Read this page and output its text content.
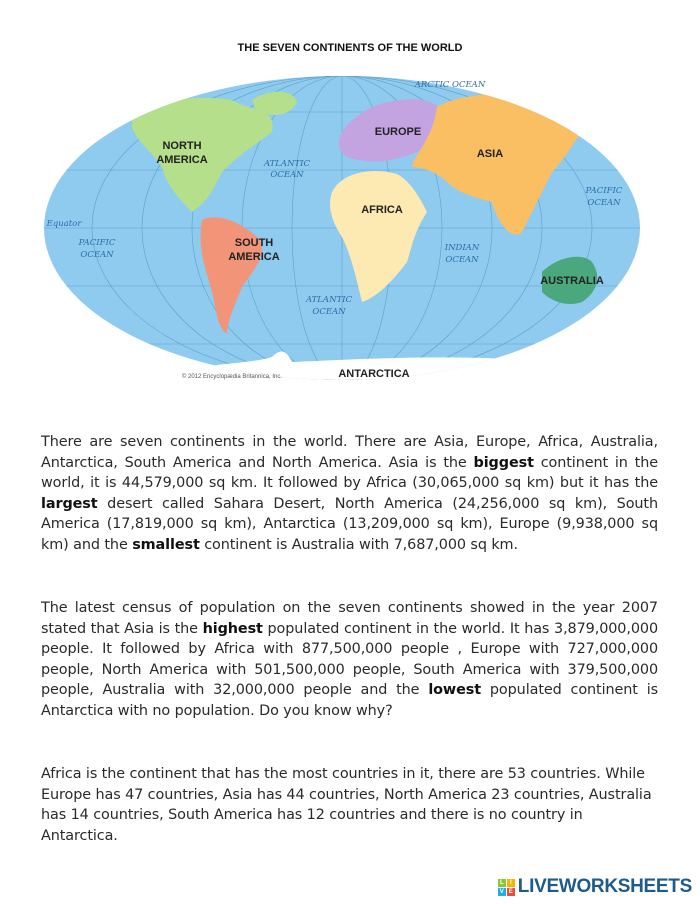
THE SEVEN CONTINENTS OF THE WORLD
NORTH
AMERICA
SOUTH
AMERICA
EUROPE
AFRICA
ASIA
AUSTRALIA
ANTARCTICA
ARCTIC OCEAN
ATLANTIC
OCEAN
PACIFIC
OCEAN
PACIFIC
OCEAN
INDIAN
OCEAN
ATLANTIC
OCEAN
Equator
© 2012 Encyclopædia Britannica, Inc.
There are seven continents in the world. There are Asia, Europe, Africa, Australia, Antarctica, South America and North America. Asia is the biggest continent in the world, it is 44,579,000 sq km. It followed by Africa (30,065,000 sq km) but it has the largest desert called Sahara Desert, North America (24,256,000 sq km), South America (17,819,000 sq km), Antarctica (13,209,000 sq km), Europe (9,938,000 sq km) and the smallest continent is Australia with 7,687,000 sq km.
The latest census of population on the seven continents showed in the year 2007 stated that Asia is the highest populated continent in the world. It has 3,879,000,000 people. It followed by Africa with 877,500,000 people , Europe with 727,000,000 people, North America with 501,500,000 people, South America with 379,500,000 people, Australia with 32,000,000 people and the lowest populated continent is Antarctica with no population. Do you know why?
Africa is the continent that has the most countries in it, there are 53 countries. While Europe has 47 countries, Asia has 44 countries, North America 23 countries, Australia has 14 countries, South America has 12 countries and there is no country in Antarctica.
L	I
V E LIVEWORKSHEETS
